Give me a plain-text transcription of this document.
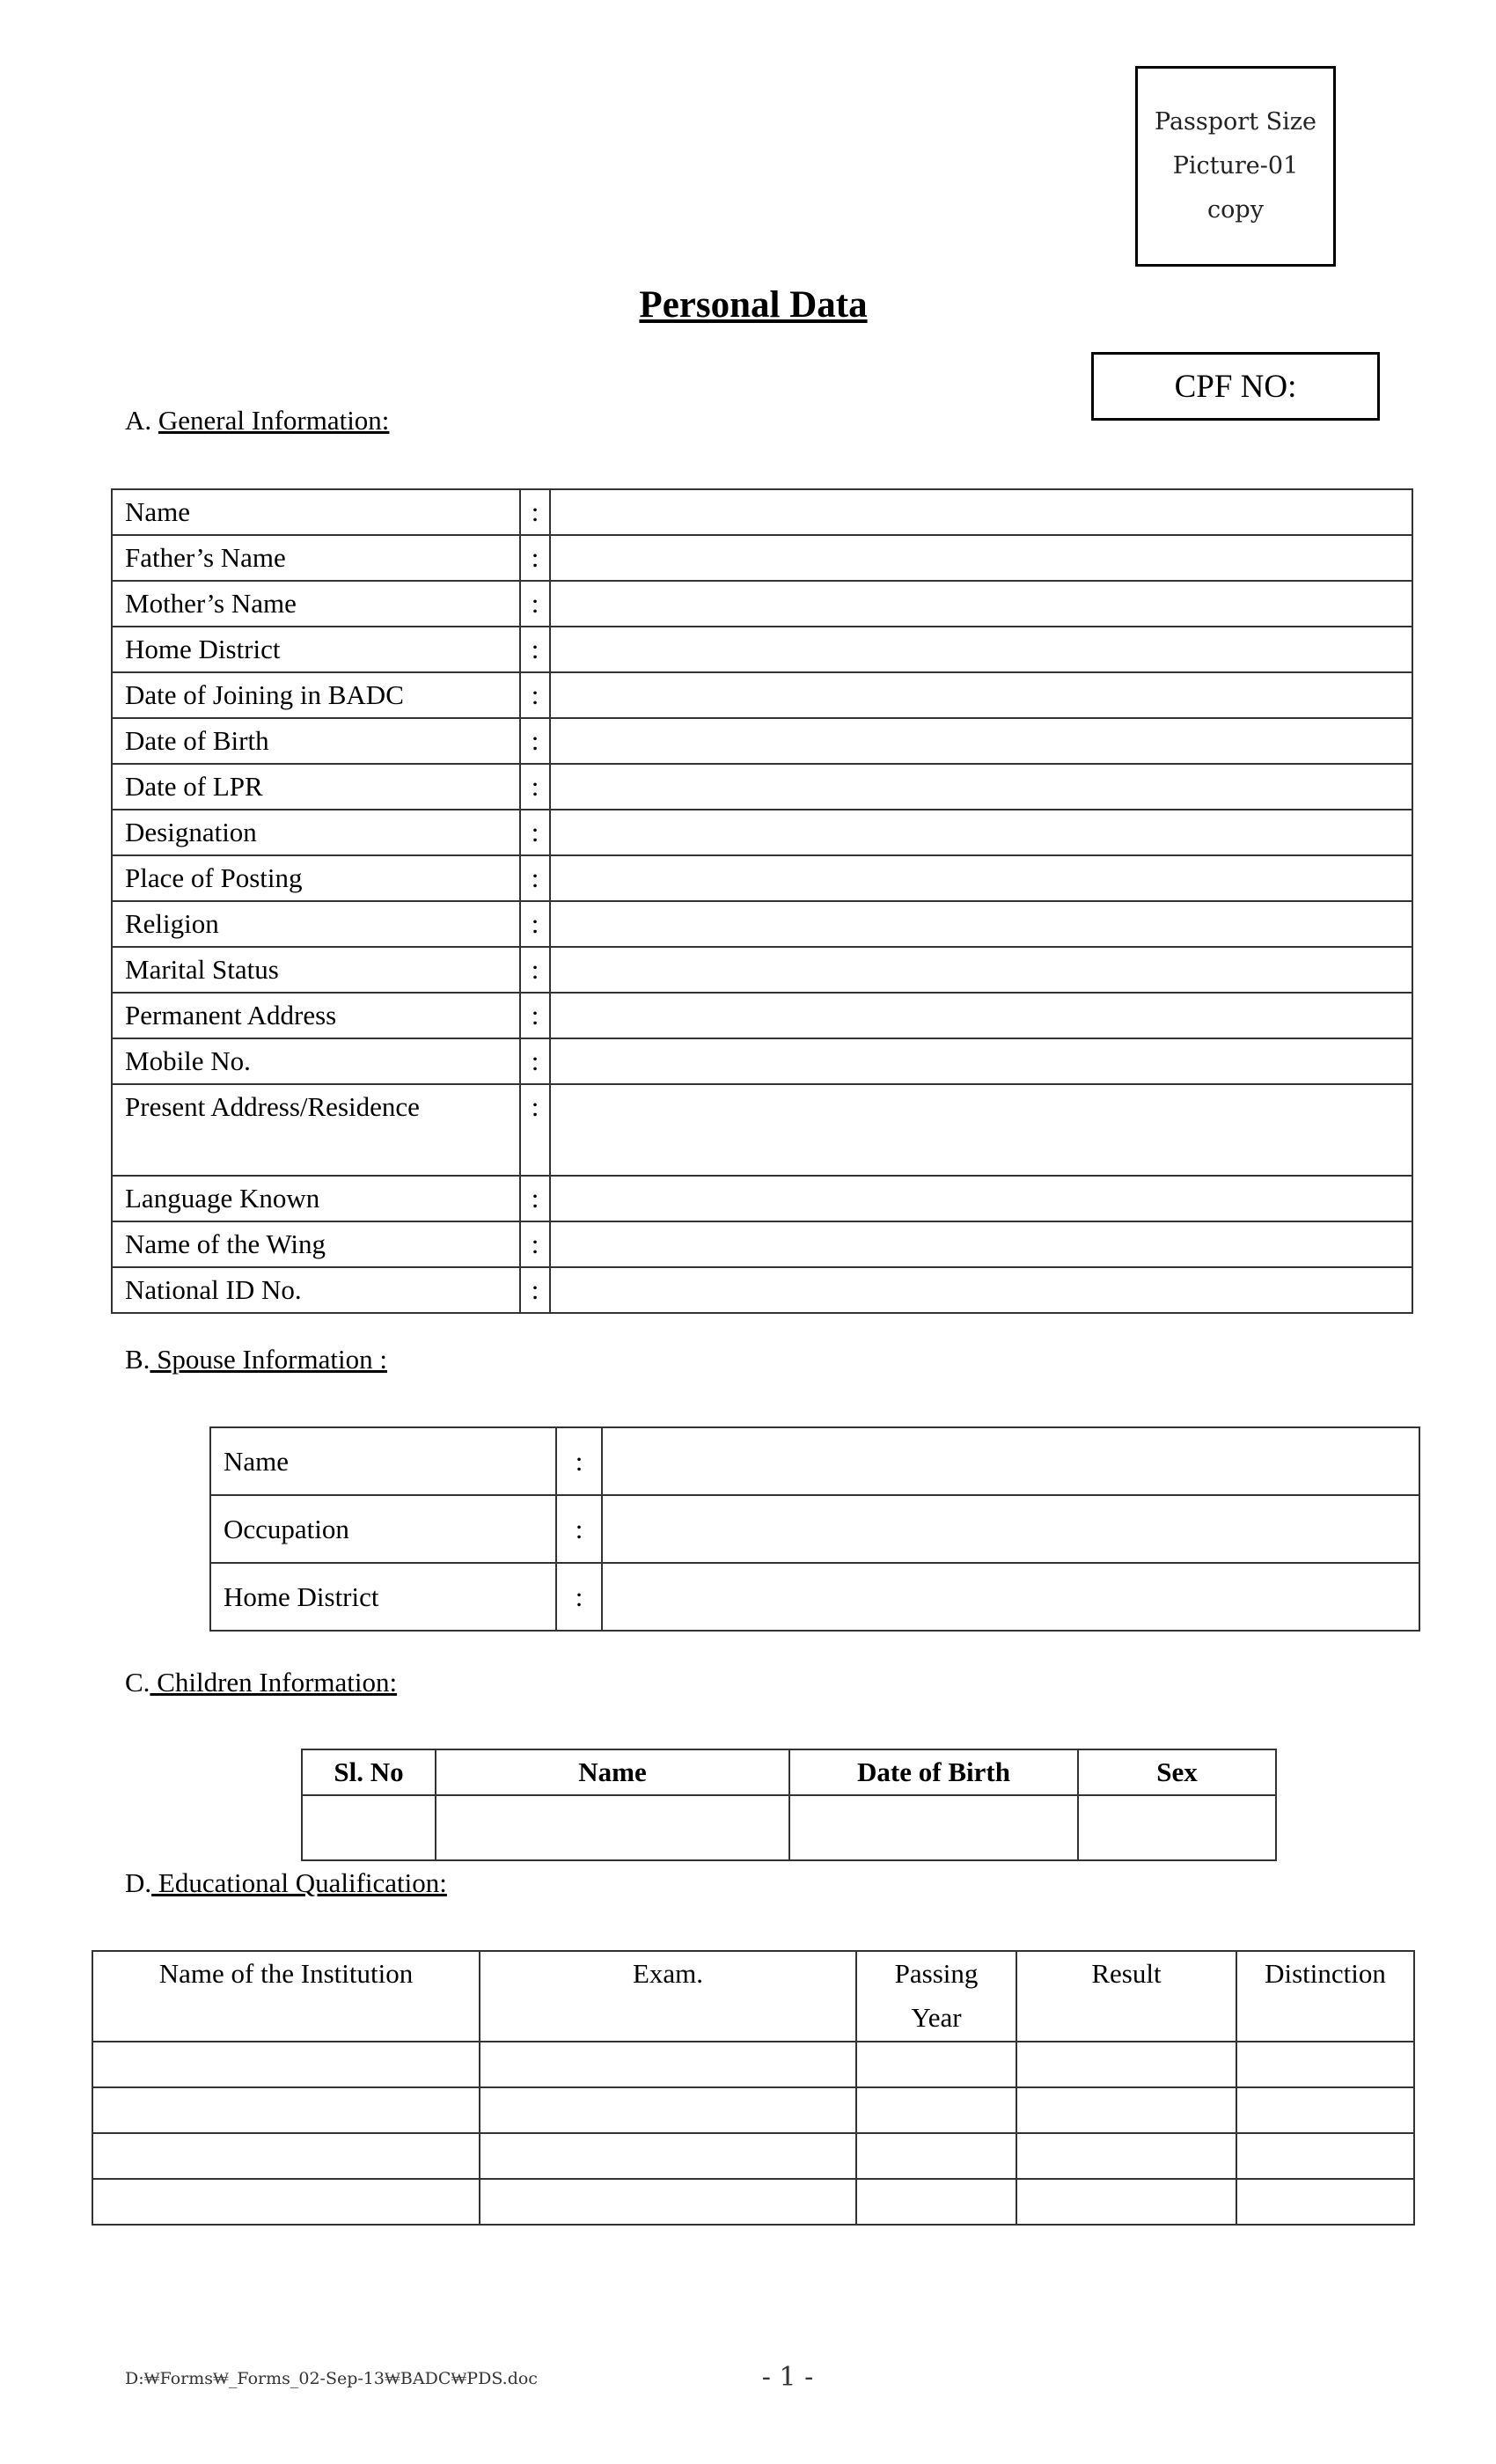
Passport Size
Picture-01
copy
Personal Data
CPF NO:
A. General Information:
Name	:	
Father’s Name	:	
Mother’s Name	:	
Home District	:	
Date of Joining in BADC	:	
Date of Birth	:	
Date of LPR	:	
Designation	:	
Place of Posting	:	
Religion	:	
Marital Status	:	
Permanent Address	:	
Mobile No.	:	
Present Address/Residence	:	
Language Known	:	
Name of the Wing	:	
National ID No.	:	
B. Spouse Information :
Name	:	
Occupation	:	
Home District	:	
C. Children Information:
Sl. No	Name	Date of Birth	Sex

D. Educational Qualification:
Name of the Institution	Exam.	Passing Year	Result	Distinction

D:₩Forms₩_Forms_02-Sep-13₩BADC₩PDS.doc	- 1 -
